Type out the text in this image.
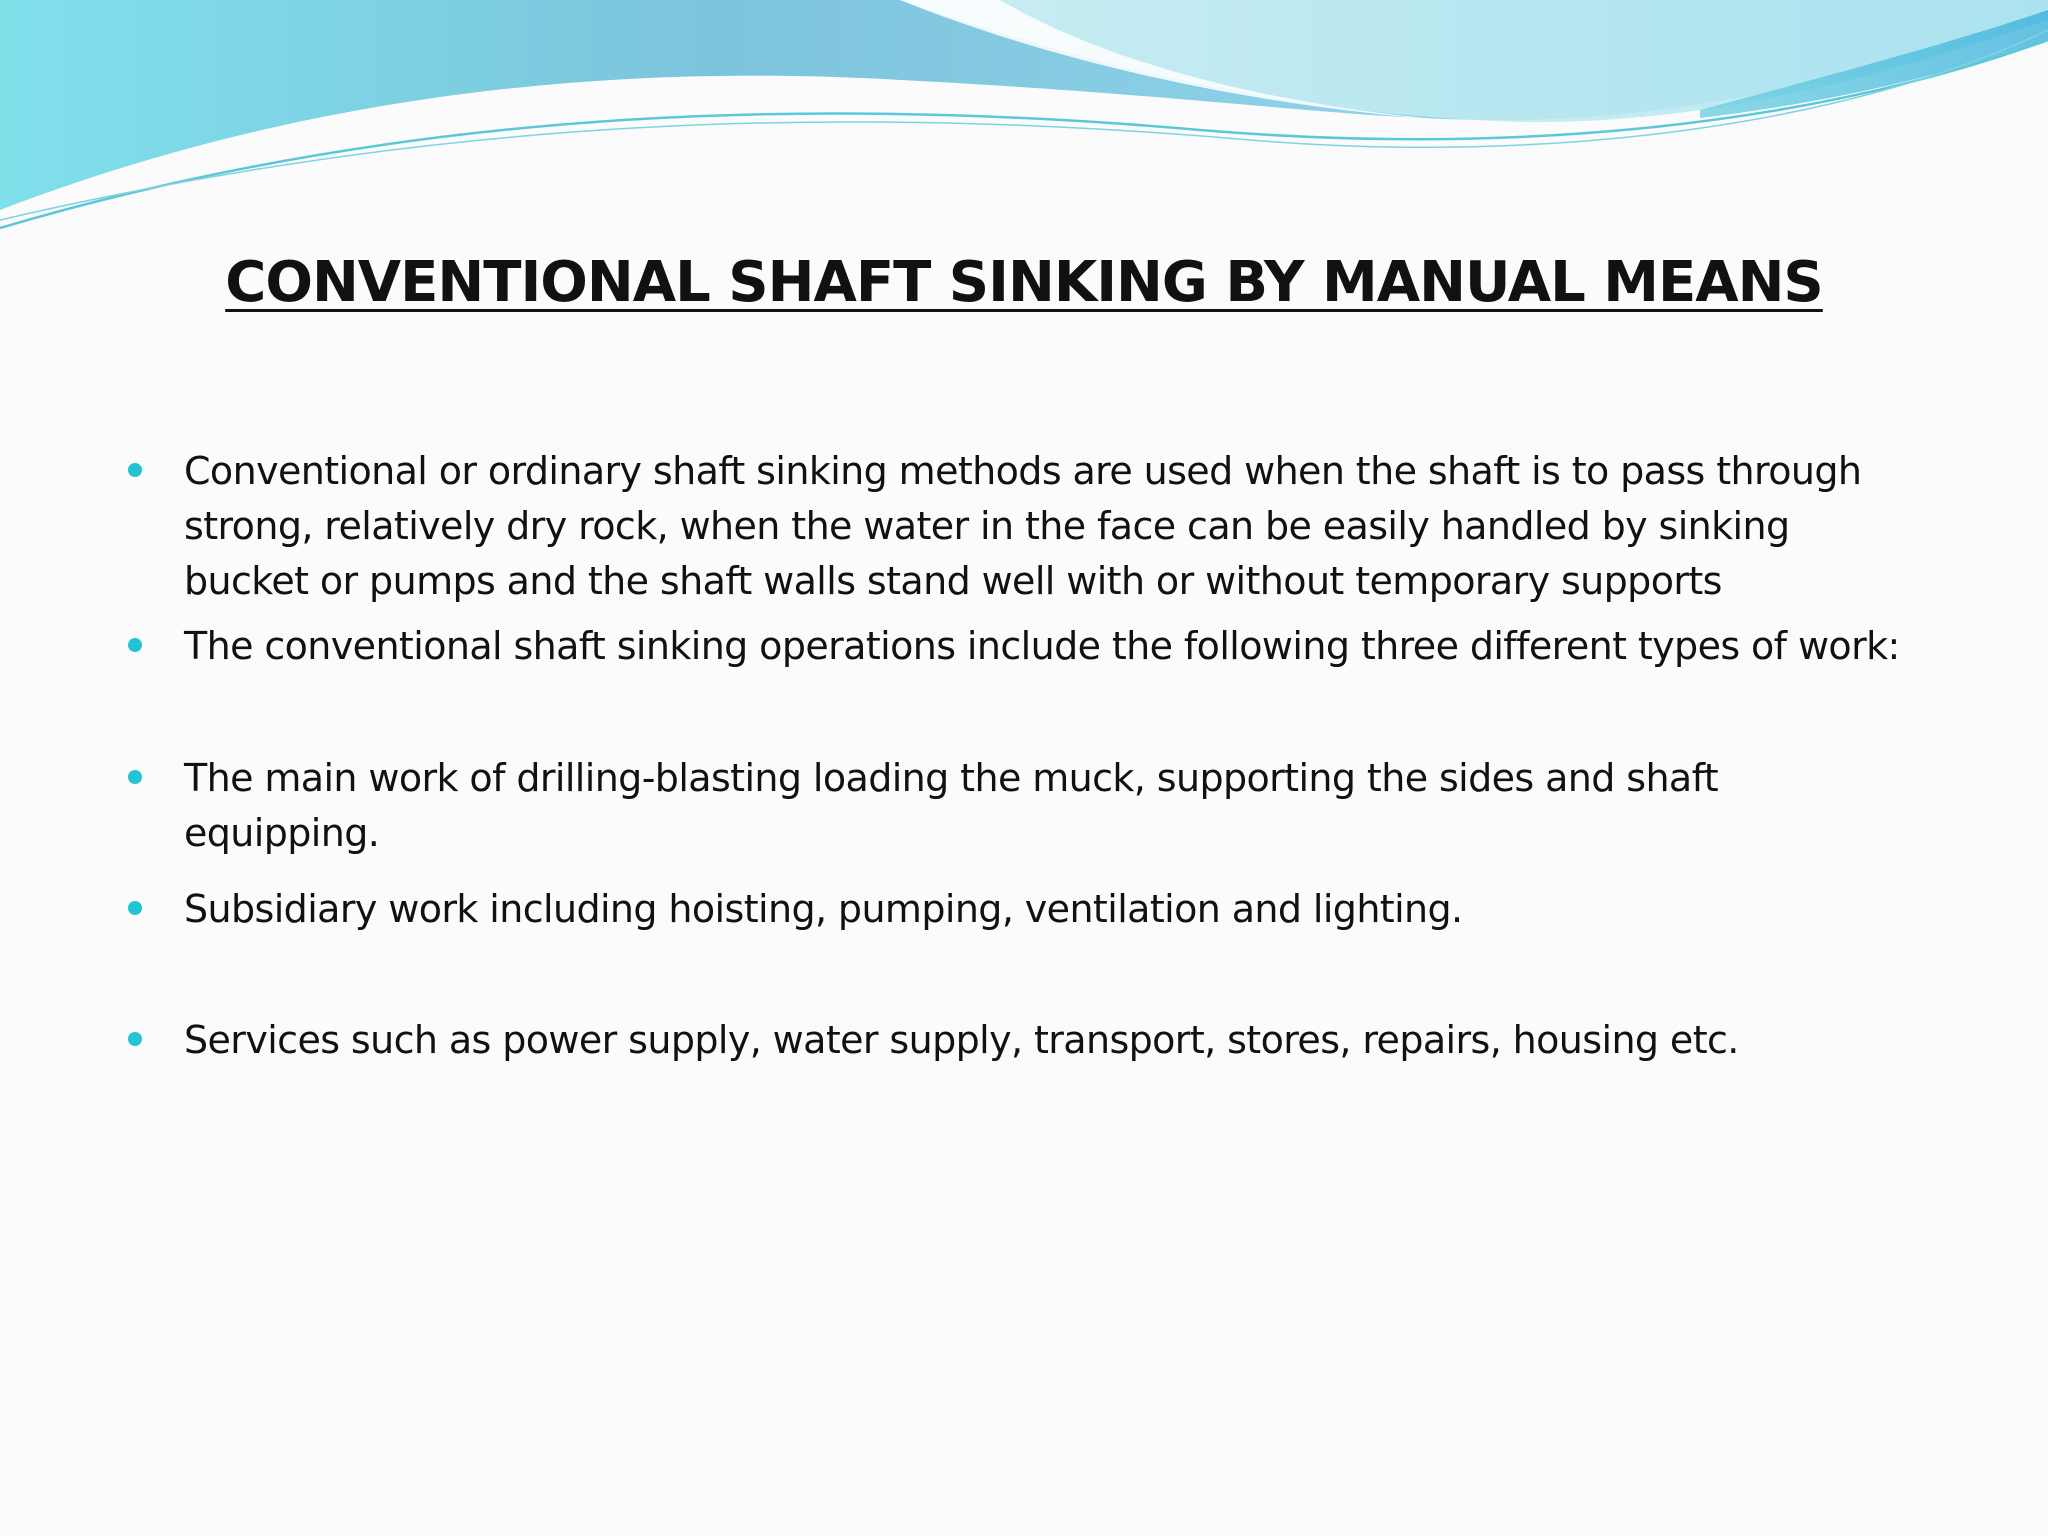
CONVENTIONAL SHAFT SINKING BY MANUAL MEANS
Conventional or ordinary shaft sinking methods are used when the shaft is to pass through strong, relatively dry rock, when the water in the face can be easily handled by sinking bucket or pumps and the shaft walls stand well with or without temporary supports
The conventional shaft sinking operations include the following three different types of work:
The main work of drilling-blasting loading the muck, supporting the sides and shaft equipping.
Subsidiary work including hoisting, pumping, ventilation and lighting.
Services such as power supply, water supply, transport, stores, repairs, housing etc.
